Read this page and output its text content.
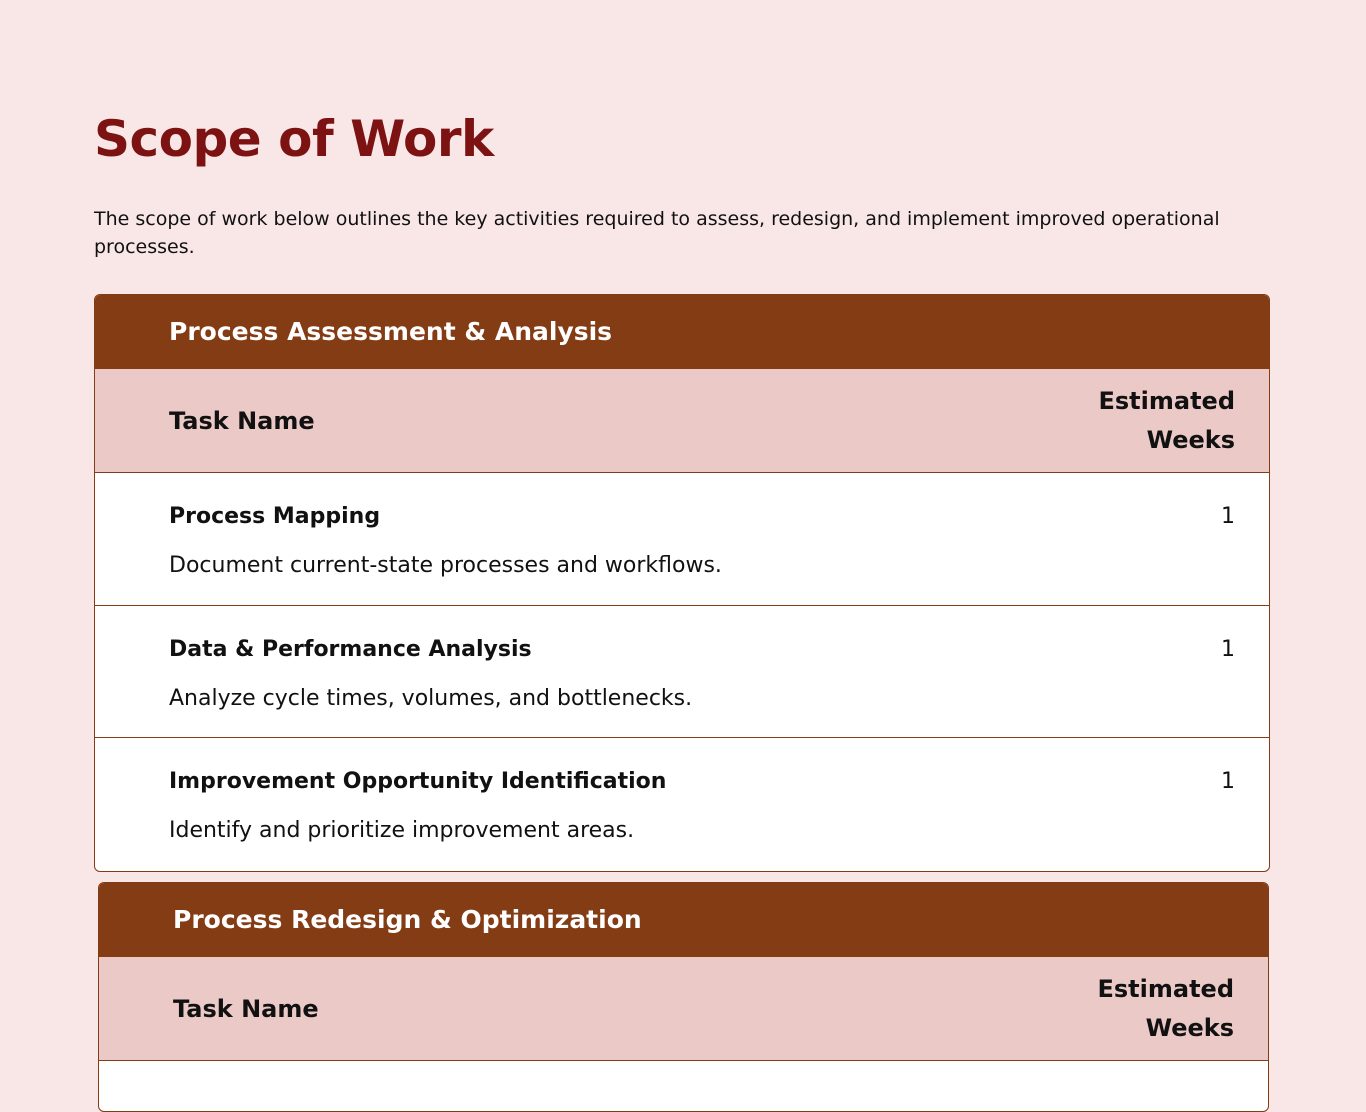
Scope of Work

The scope of work below outlines the key activities required to assess, redesign, and implement improved operational processes.

Process Assessment & Analysis
Task Name
Estimated Weeks
Process Mapping
Document current-state processes and workflows.
1
Data & Performance Analysis
Analyze cycle times, volumes, and bottlenecks.
1
Improvement Opportunity Identification
Identify and prioritize improvement areas.
1
Process Redesign & Optimization
Task Name
Estimated Weeks
